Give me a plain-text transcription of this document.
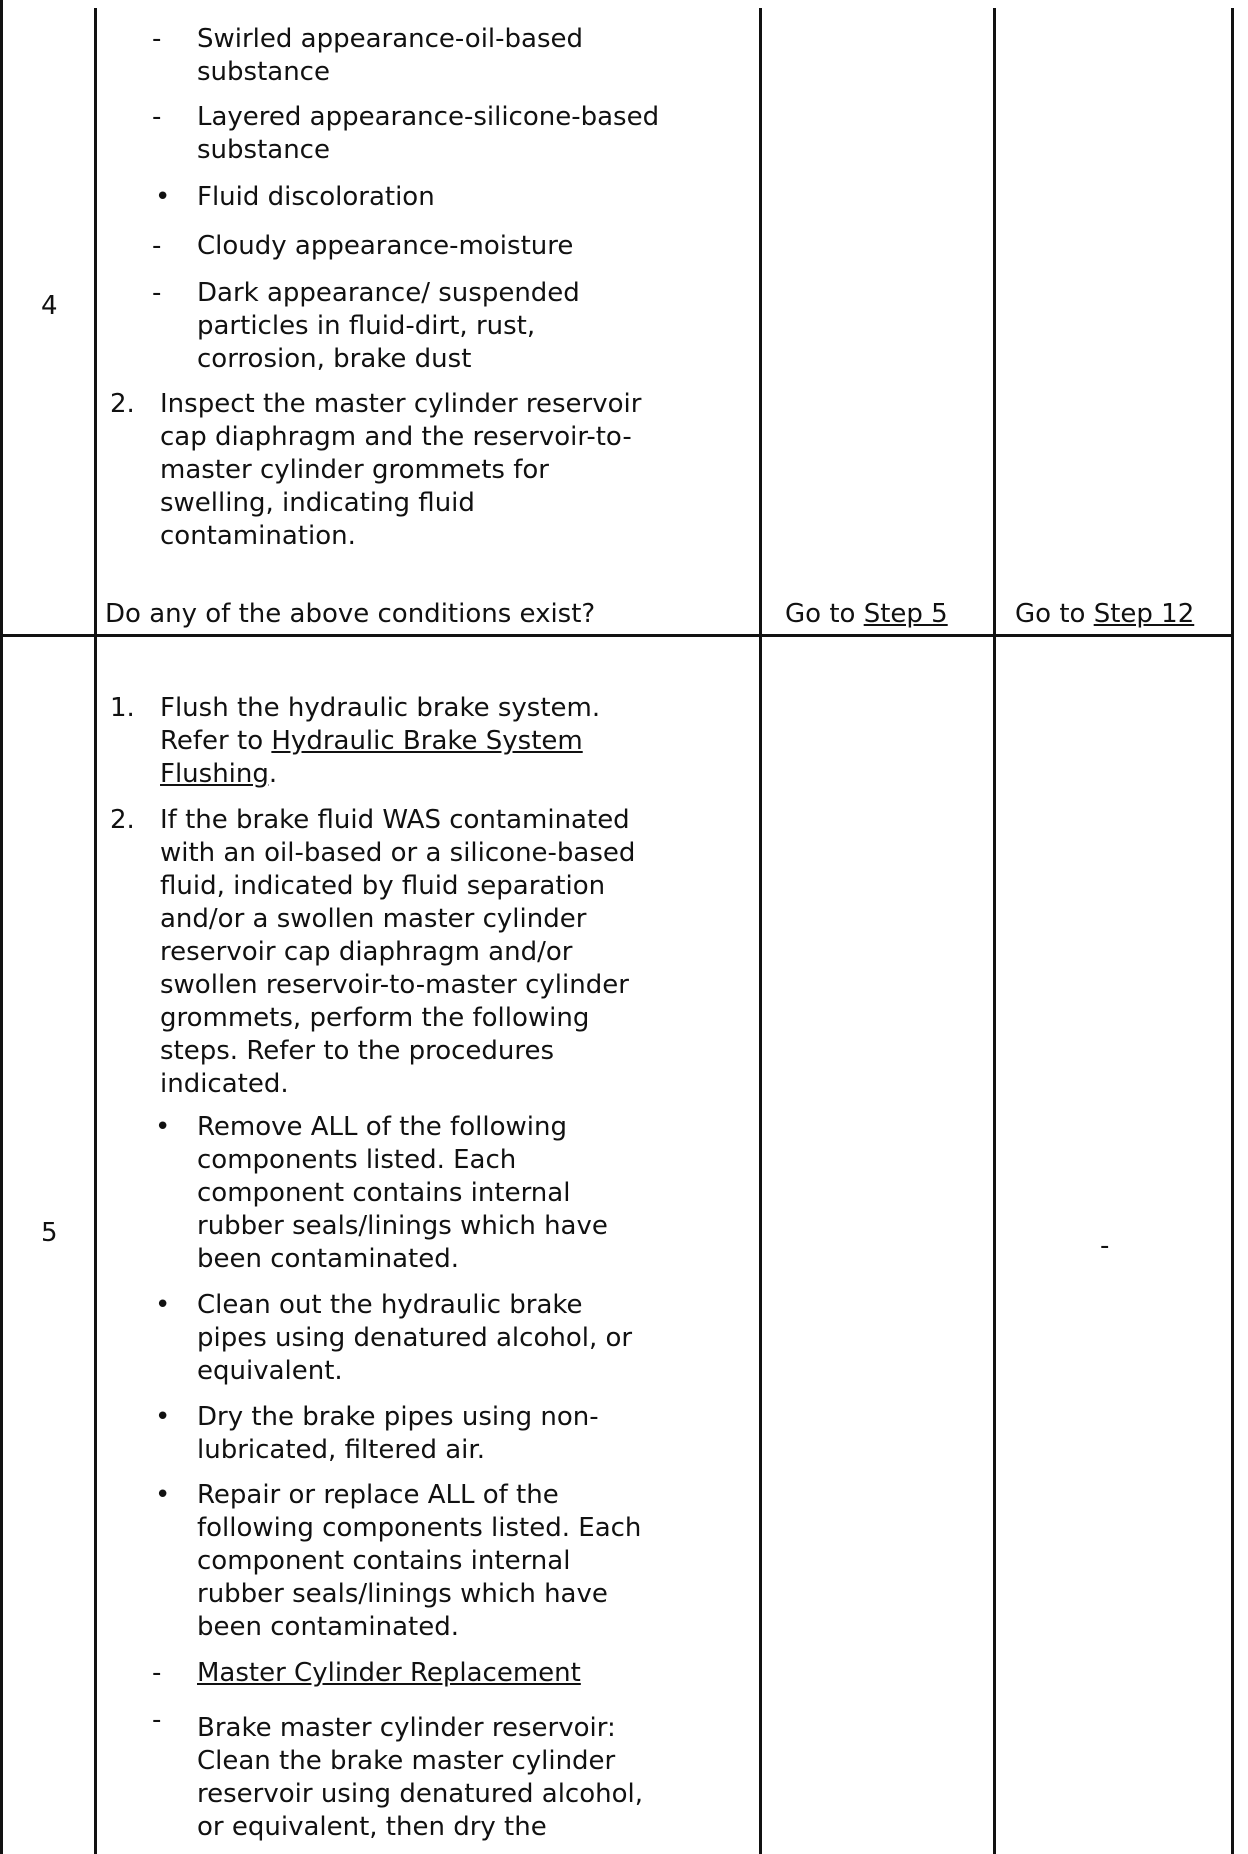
4
- Swirled appearance-oil-based
substance
- Layered appearance-silicone-based
substance
• Fluid discoloration
- Cloudy appearance-moisture
- Dark appearance/ suspended
particles in fluid-dirt, rust,
corrosion, brake dust
2. Inspect the master cylinder reservoir
cap diaphragm and the reservoir-to-
master cylinder grommets for
swelling, indicating fluid
contamination.
Do any of the above conditions exist?	Go to Step 5	Go to Step 12
5
1. Flush the hydraulic brake system.
Refer to Hydraulic Brake System
Flushing.
2. If the brake fluid WAS contaminated
with an oil-based or a silicone-based
fluid, indicated by fluid separation
and/or a swollen master cylinder
reservoir cap diaphragm and/or
swollen reservoir-to-master cylinder
grommets, perform the following
steps. Refer to the procedures
indicated.
• Remove ALL of the following
components listed. Each
component contains internal
rubber seals/linings which have
been contaminated.
• Clean out the hydraulic brake
pipes using denatured alcohol, or
equivalent.
• Dry the brake pipes using non-
lubricated, filtered air.
• Repair or replace ALL of the
following components listed. Each
component contains internal
rubber seals/linings which have
been contaminated.
- Master Cylinder Replacement
- Brake master cylinder reservoir:
Clean the brake master cylinder
reservoir using denatured alcohol,
or equivalent, then dry the
-
